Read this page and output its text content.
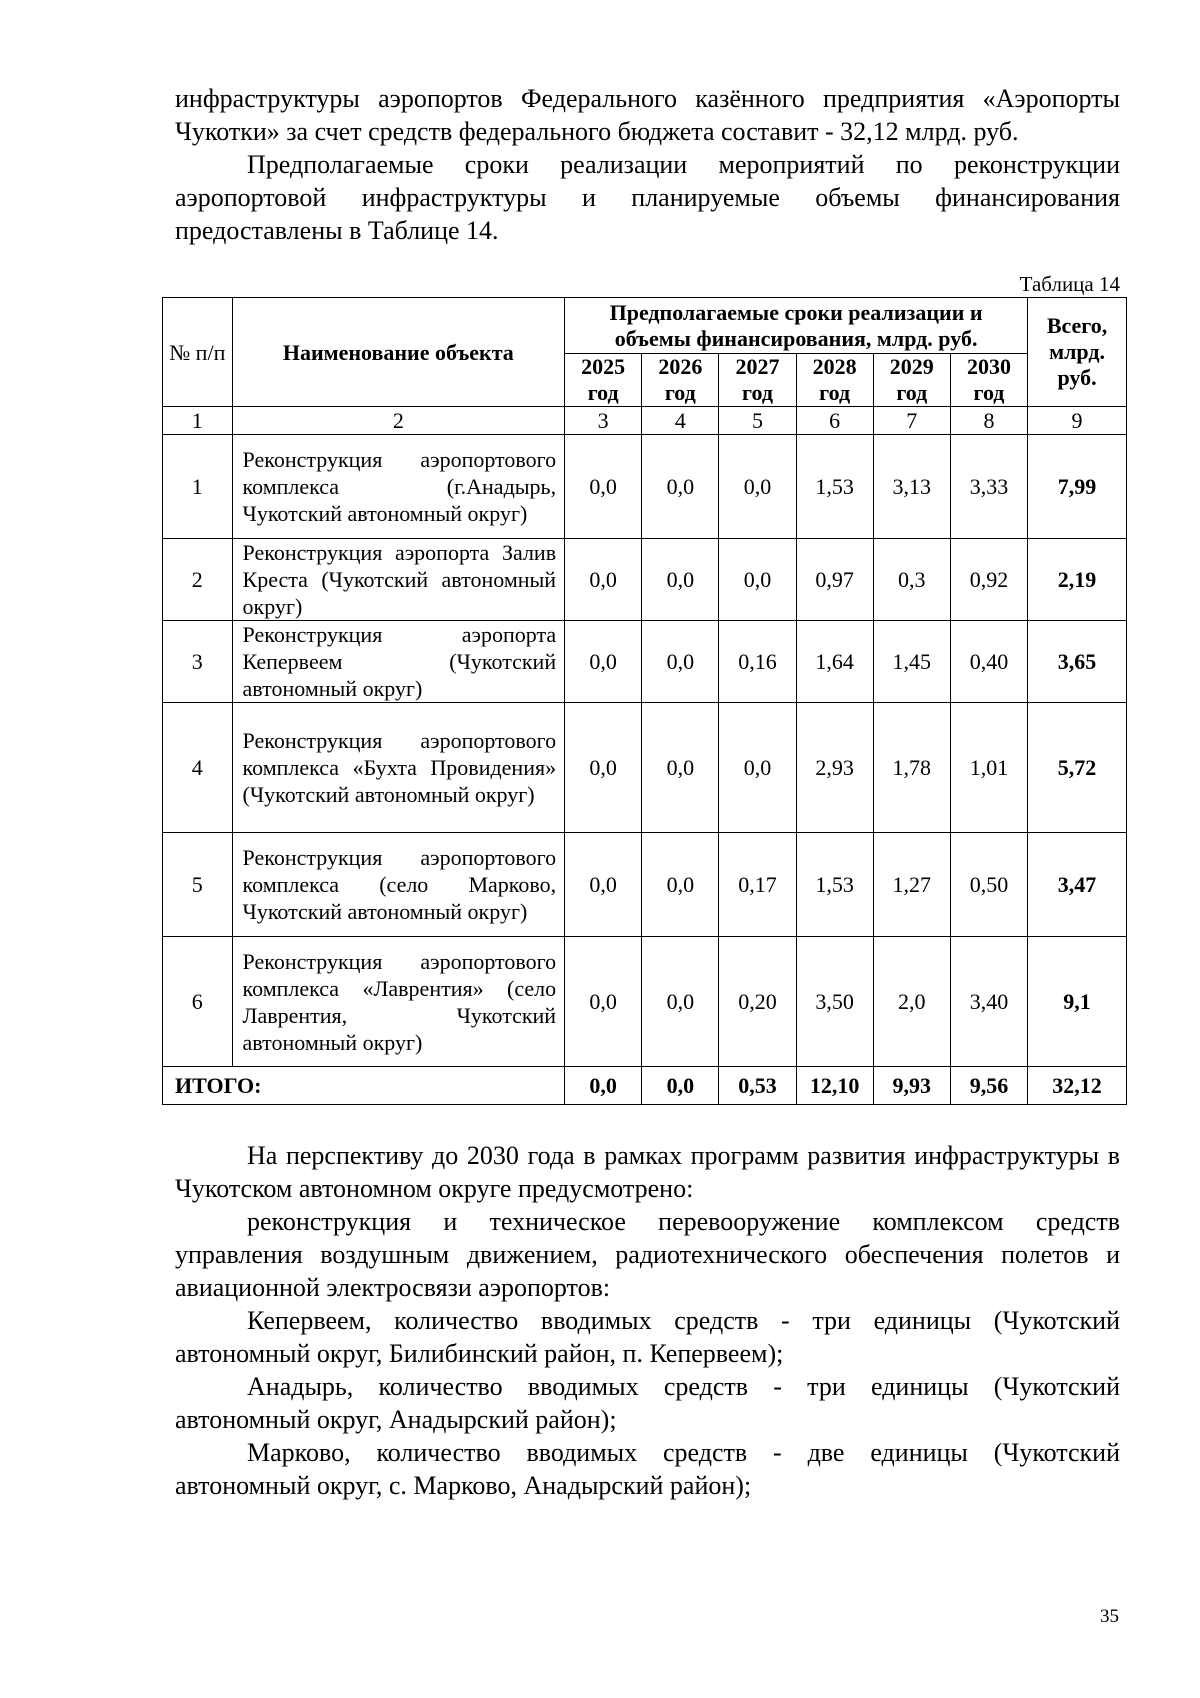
инфраструктуры аэропортов Федерального казённого предприятия «Аэропорты Чукотки» за счет средств федерального бюджета составит - 32,12 млрд. руб.

Предполагаемые сроки реализации мероприятий по реконструкции аэропортовой инфраструктуры и планируемые объемы финансирования предоставлены в Таблице 14.

Таблица 14
№ п/п	Наименование объекта	Предполагаемые сроки реализации и объемы финансирования, млрд. руб.						Всего, млрд. руб.
		2025 год	2026 год	2027 год	2028 год	2029 год	2030 год	
1	2	3	4	5	6	7	8	9
1	Реконструкция аэропортового комплекса (г.Анадырь, Чукотский автономный округ)	0,0	0,0	0,0	1,53	3,13	3,33	7,99
2	Реконструкция аэропорта Залив Креста (Чукотский автономный округ)	0,0	0,0	0,0	0,97	0,3	0,92	2,19
3	Реконструкция аэропорта Кепервеем (Чукотский автономный округ)	0,0	0,0	0,16	1,64	1,45	0,40	3,65
4	Реконструкция аэропортового комплекса «Бухта Провидения» (Чукотский автономный округ)	0,0	0,0	0,0	2,93	1,78	1,01	5,72
5	Реконструкция аэропортового комплекса (село Марково, Чукотский автономный округ)	0,0	0,0	0,17	1,53	1,27	0,50	3,47
6	Реконструкция аэропортового комплекса «Лаврентия» (село Лаврентия, Чукотский автономный округ)	0,0	0,0	0,20	3,50	2,0	3,40	9,1
ИТОГО:		0,0	0,0	0,53	12,10	9,93	9,56	32,12

На перспективу до 2030 года в рамках программ развития инфраструктуры в Чукотском автономном округе предусмотрено:

реконструкция и техническое перевооружение комплексом средств управления воздушным движением, радиотехнического обеспечения полетов и авиационной электросвязи аэропортов:

Кепервеем, количество вводимых средств - три единицы (Чукотский автономный округ, Билибинский район, п. Кепервеем);

Анадырь, количество вводимых средств - три единицы (Чукотский автономный округ, Анадырский район);

Марково, количество вводимых средств - две единицы (Чукотский автономный округ, с. Марково, Анадырский район);

35
